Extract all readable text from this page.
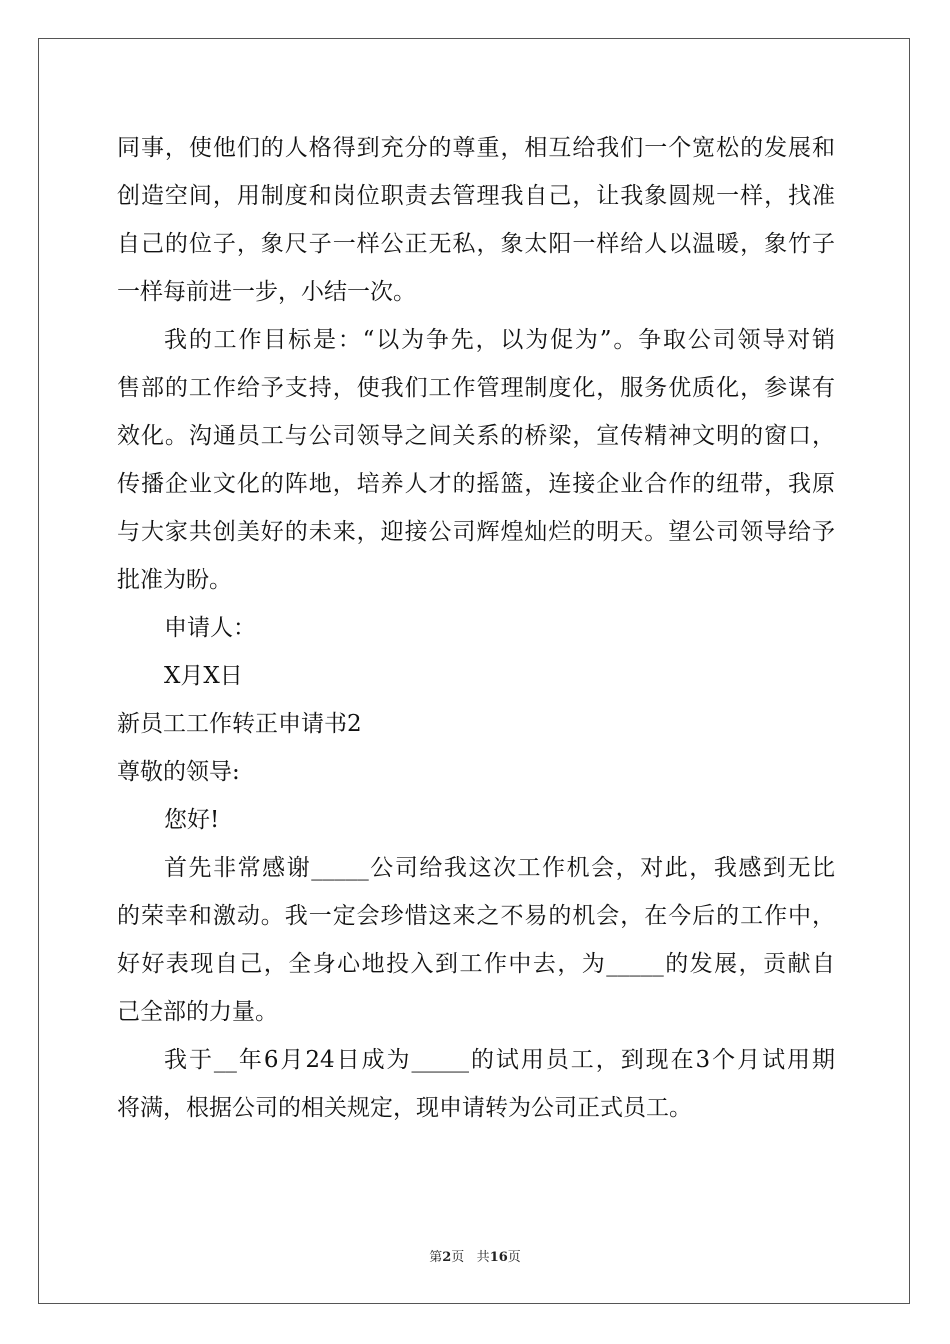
同事，使他们的人格得到充分的尊重，相互给我们一个宽松的发展和
创造空间，用制度和岗位职责去管理我自己，让我象圆规一样，找准
自己的位子，象尺子一样公正无私，象太阳一样给人以温暖，象竹子
一样每前进一步，小结一次。
我的工作目标是：“以为争先，以为促为”。争取公司领导对销
售部的工作给予支持，使我们工作管理制度化，服务优质化，参谋有
效化。沟通员工与公司领导之间关系的桥梁，宣传精神文明的窗口，
传播企业文化的阵地，培养人才的摇篮，连接企业合作的纽带，我原
与大家共创美好的未来，迎接公司辉煌灿烂的明天。望公司领导给予
批准为盼。
申请人：
X月X日
新员工工作转正申请书2
尊敬的领导:
您好!
首先非常感谢_____公司给我这次工作机会，对此，我感到无比
的荣幸和激动。我一定会珍惜这来之不易的机会，在今后的工作中，
好好表现自己，全身心地投入到工作中去，为_____的发展，贡献自
己全部的力量。
我于__年6月24日成为_____的试用员工，到现在3个月试用期
将满，根据公司的相关规定，现申请转为公司正式员工。
第2页 共16页
